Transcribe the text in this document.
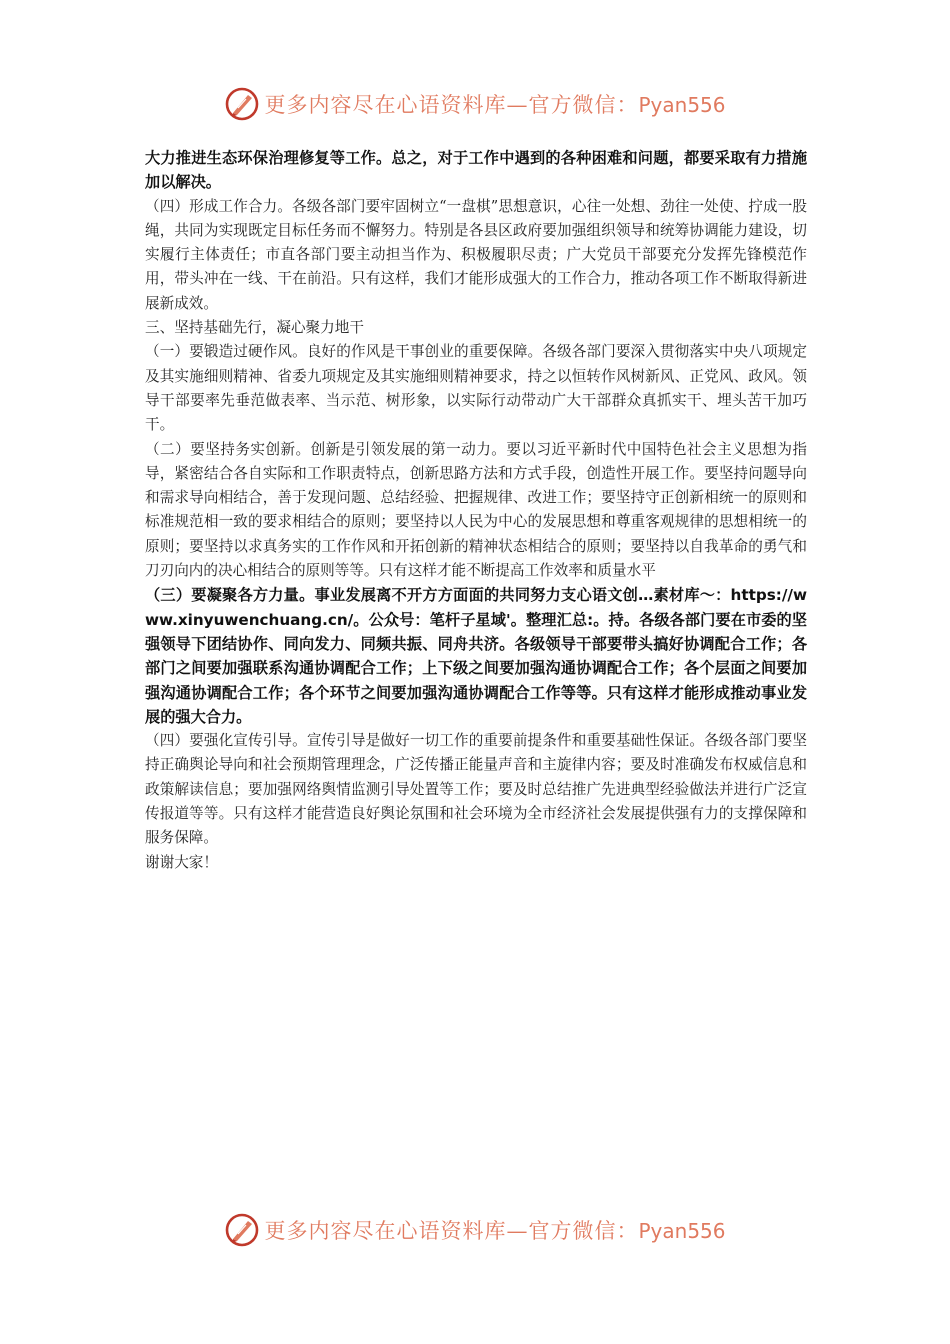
更多内容尽在心语资料库—官方微信：Pyan556

大力推进生态环保治理修复等工作。总之，对于工作中遇到的各种困难和问题，都要采取有力措施加以解决。

（四）形成工作合力。各级各部门要牢固树立“一盘棋”思想意识，心往一处想、劲往一处使、拧成一股绳，共同为实现既定目标任务而不懈努力。特别是各县区政府要加强组织领导和统筹协调能力建设，切实履行主体责任；市直各部门要主动担当作为、积极履职尽责；广大党员干部要充分发挥先锋模范作用，带头冲在一线、干在前沿。只有这样，我们才能形成强大的工作合力，推动各项工作不断取得新进展新成效。

三、坚持基础先行，凝心聚力地干

（一）要锻造过硬作风。良好的作风是干事创业的重要保障。各级各部门要深入贯彻落实中央八项规定及其实施细则精神、省委九项规定及其实施细则精神要求，持之以恒转作风树新风、正党风、政风。领导干部要率先垂范做表率、当示范、树形象，以实际行动带动广大干部群众真抓实干、埋头苦干加巧干。

（二）要坚持务实创新。创新是引领发展的第一动力。要以习近平新时代中国特色社会主义思想为指导，紧密结合各自实际和工作职责特点，创新思路方法和方式手段，创造性开展工作。要坚持问题导向和需求导向相结合，善于发现问题、总结经验、把握规律、改进工作；要坚持守正创新相统一的原则和标准规范相一致的要求相结合的原则；要坚持以人民为中心的发展思想和尊重客观规律的思想相统一的原则；要坚持以求真务实的工作作风和开拓创新的精神状态相结合的原则；要坚持以自我革命的勇气和刀刃向内的决心相结合的原则等等。只有这样才能不断提高工作效率和质量水平

（三）要凝聚各方力量。事业发展离不开方方面面的共同努力支心语文创…素材库～：https://www.xinyuwenchuang.cn/。公众号：笔杆子星域'。整理汇总:。持。各级各部门要在市委的坚强领导下团结协作、同向发力、同频共振、同舟共济。各级领导干部要带头搞好协调配合工作；各部门之间要加强联系沟通协调配合工作；上下级之间要加强沟通协调配合工作；各个层面之间要加强沟通协调配合工作；各个环节之间要加强沟通协调配合工作等等。只有这样才能形成推动事业发展的强大合力。

（四）要强化宣传引导。宣传引导是做好一切工作的重要前提条件和重要基础性保证。各级各部门要坚持正确舆论导向和社会预期管理理念，广泛传播正能量声音和主旋律内容；要及时准确发布权威信息和政策解读信息；要加强网络舆情监测引导处置等工作；要及时总结推广先进典型经验做法并进行广泛宣传报道等等。只有这样才能营造良好舆论氛围和社会环境为全市经济社会发展提供强有力的支撑保障和服务保障。

谢谢大家！

更多内容尽在心语资料库—官方微信：Pyan556
